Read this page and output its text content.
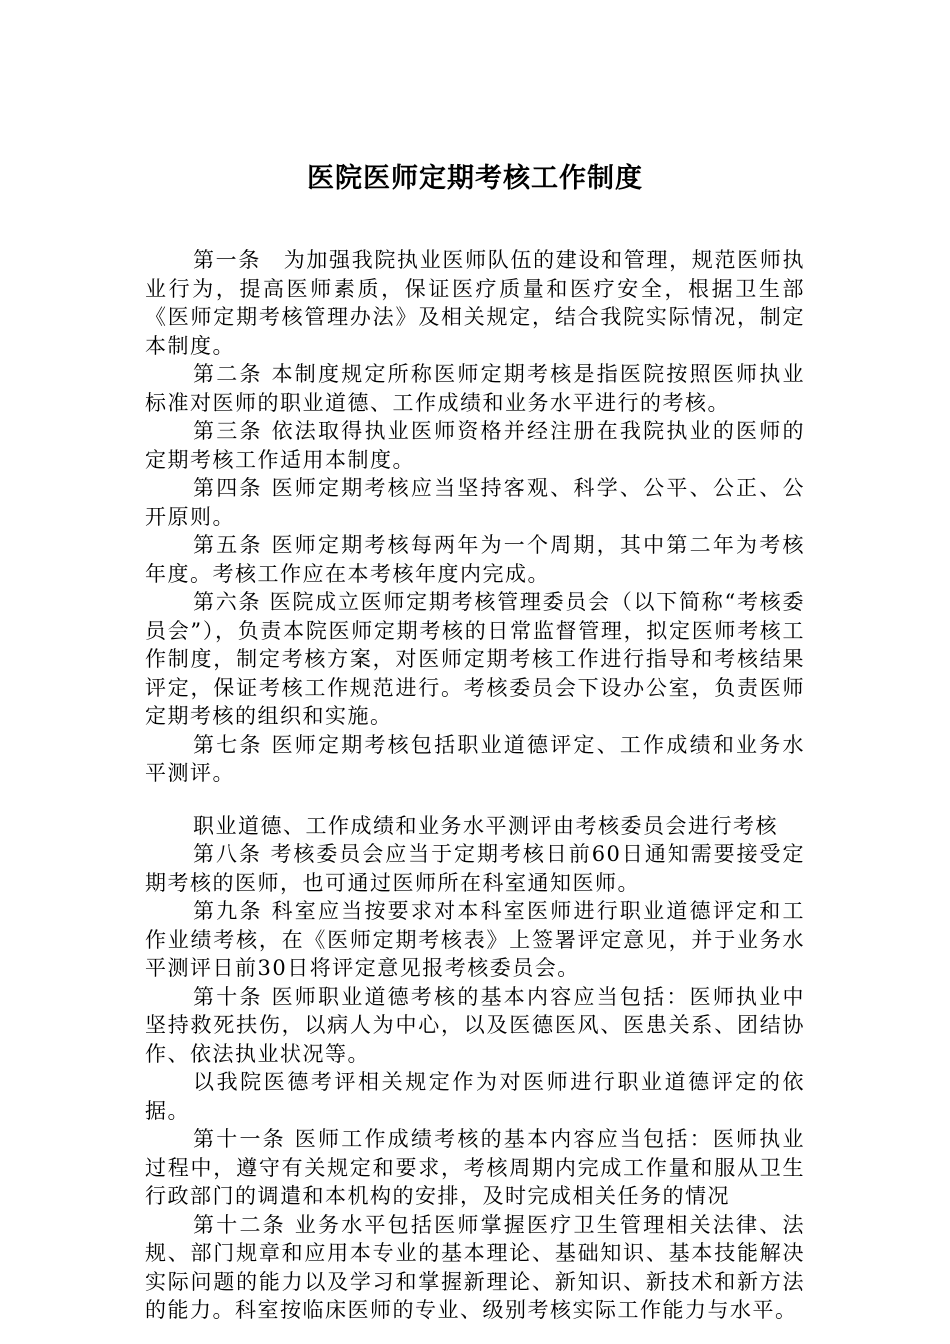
医院医师定期考核工作制度

第一条　为加强我院执业医师队伍的建设和管理，规范医师执业行为，提高医师素质，保证医疗质量和医疗安全，根据卫生部《医师定期考核管理办法》及相关规定，结合我院实际情况，制定本制度。

第二条 本制度规定所称医师定期考核是指医院按照医师执业标准对医师的职业道德、工作成绩和业务水平进行的考核。

第三条 依法取得执业医师资格并经注册在我院执业的医师的定期考核工作适用本制度。

第四条 医师定期考核应当坚持客观、科学、公平、公正、公开原则。

第五条 医师定期考核每两年为一个周期，其中第二年为考核年度。考核工作应在本考核年度内完成。

第六条 医院成立医师定期考核管理委员会（以下简称“考核委员会”），负责本院医师定期考核的日常监督管理，拟定医师考核工作制度，制定考核方案，对医师定期考核工作进行指导和考核结果评定，保证考核工作规范进行。考核委员会下设办公室，负责医师定期考核的组织和实施。

第七条 医师定期考核包括职业道德评定、工作成绩和业务水平测评。

职业道德、工作成绩和业务水平测评由考核委员会进行考核

第八条 考核委员会应当于定期考核日前60日通知需要接受定期考核的医师，也可通过医师所在科室通知医师。

第九条 科室应当按要求对本科室医师进行职业道德评定和工作业绩考核，在《医师定期考核表》上签署评定意见，并于业务水平测评日前30日将评定意见报考核委员会。

第十条 医师职业道德考核的基本内容应当包括：医师执业中坚持救死扶伤，以病人为中心，以及医德医风、医患关系、团结协作、依法执业状况等。

以我院医德考评相关规定作为对医师进行职业道德评定的依据。

第十一条 医师工作成绩考核的基本内容应当包括：医师执业过程中，遵守有关规定和要求，考核周期内完成工作量和服从卫生行政部门的调遣和本机构的安排，及时完成相关任务的情况

第十二条 业务水平包括医师掌握医疗卫生管理相关法律、法规、部门规章和应用本专业的基本理论、基础知识、基本技能解决实际问题的能力以及学习和掌握新理论、新知识、新技术和新方法的能力。科室按临床医师的专业、级别考核实际工作能力与水平。
